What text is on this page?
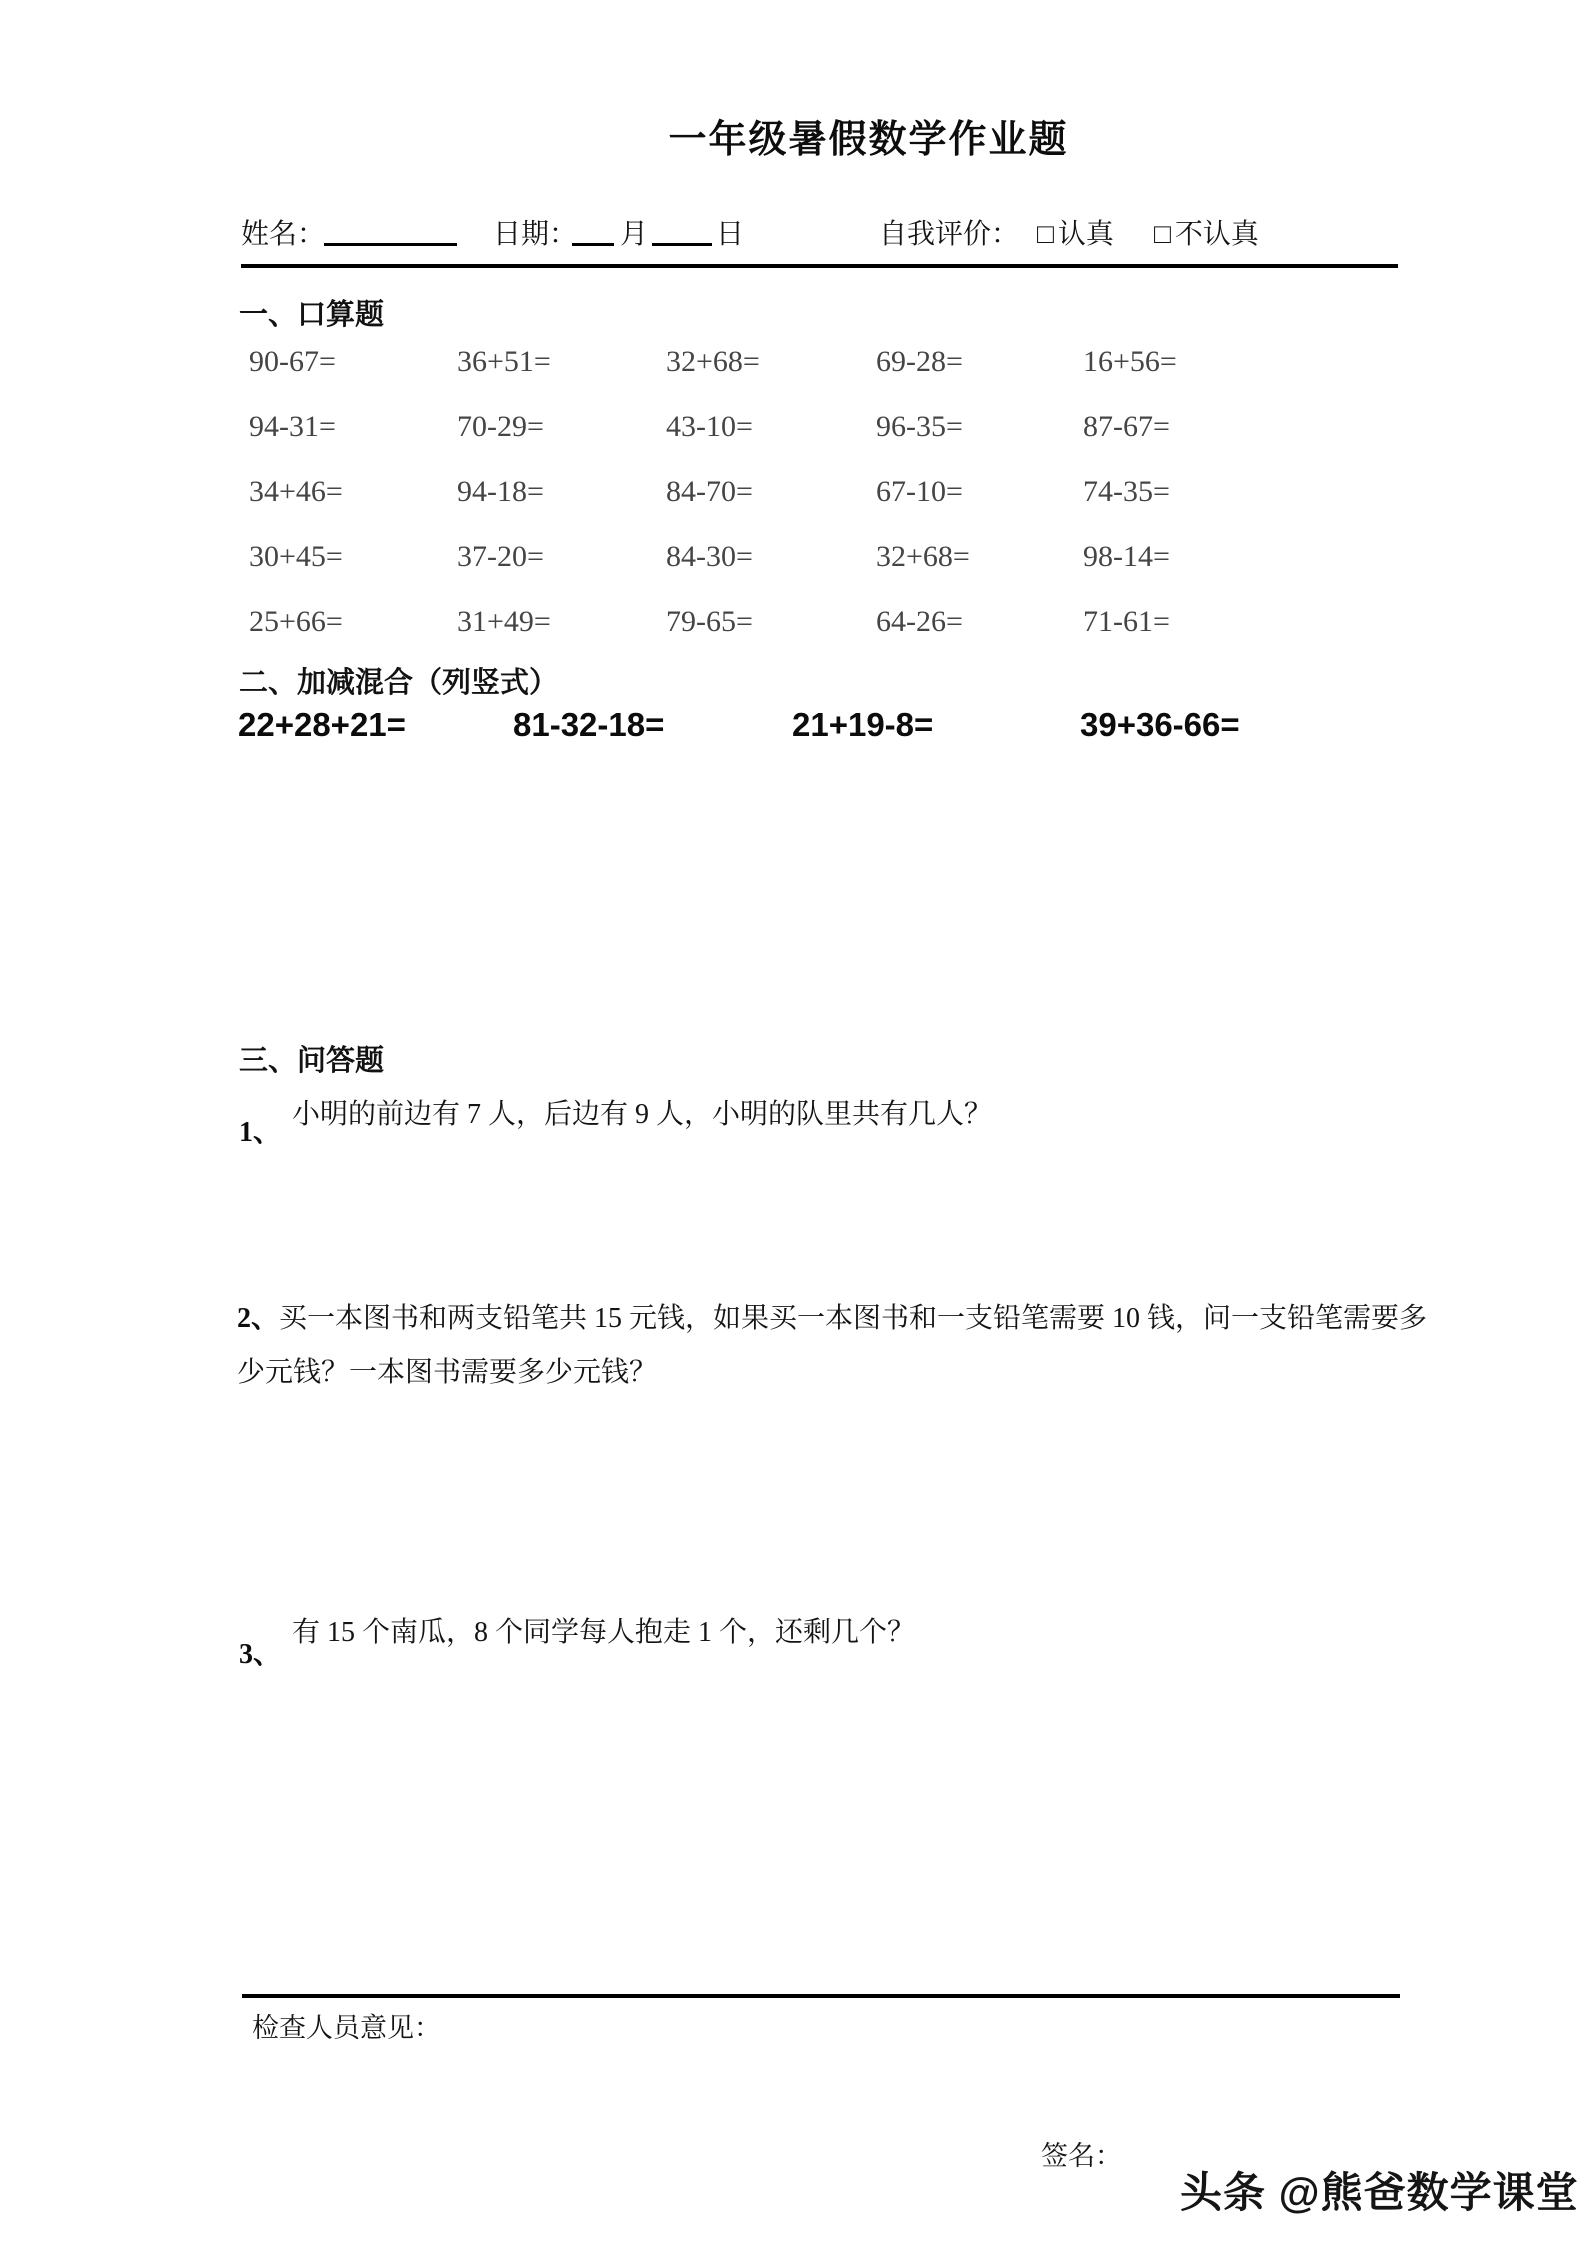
一年级暑假数学作业题
姓名：	日期： 月 日	自我评价： □ 认真 □ 不认真
一、口算题
90-67=	36+51=	32+68=	69-28=	16+56=
94-31=	70-29=	43-10=	96-35=	87-67=
34+46=	94-18=	84-70=	67-10=	74-35=
30+45=	37-20=	84-30=	32+68=	98-14=
25+66=	31+49=	79-65=	64-26=	71-61=
二、加减混合（列竖式）
22+28+21=	81-32-18=	21+19-8=	39+36-66=
三、问答题
1、
小明的前边有 7 人，后边有 9 人，小明的队里共有几人？
2、买一本图书和两支铅笔共 15 元钱，如果买一本图书和一支铅笔需要 10 钱，问一支铅笔需要多
少元钱？一本图书需要多少元钱？
3、
有 15 个南瓜，8 个同学每人抱走 1 个，还剩几个？
检查人员意见：
签名：
头条 @熊爸数学课堂
